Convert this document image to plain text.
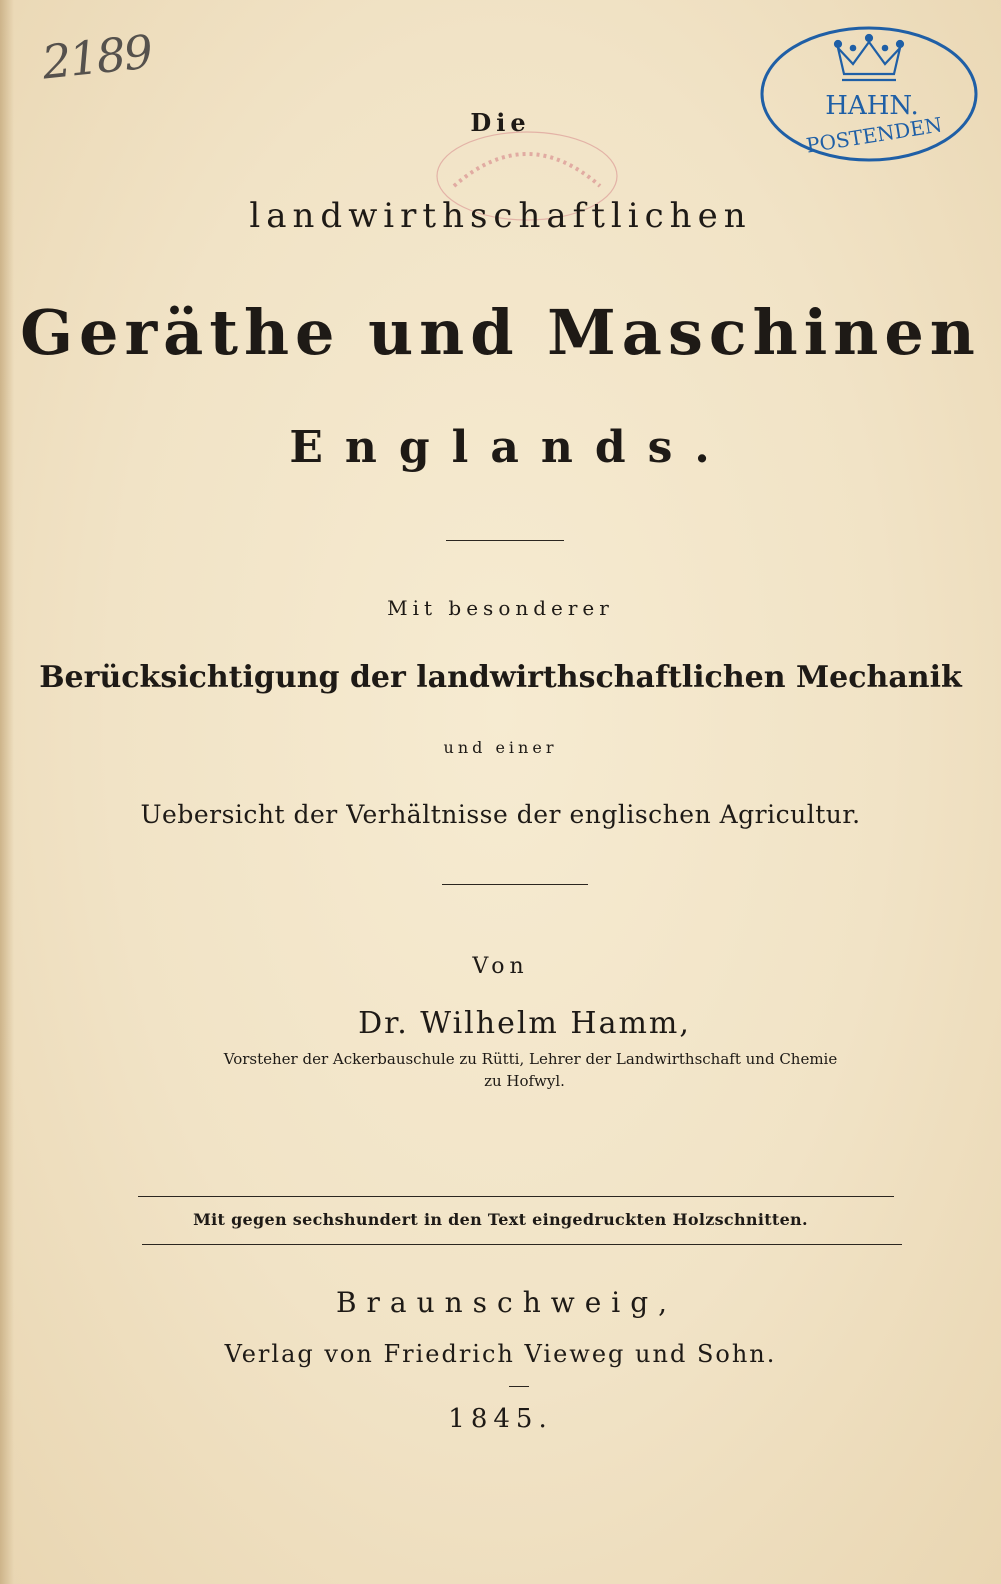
2189
HAHN.
POSTENDEN
Die
landwirthschaftlichen
Geräthe und Maschinen
Englands.
Mit besonderer
Berücksichtigung der landwirthschaftlichen Mechanik
und einer
Uebersicht der Verhältnisse der englischen Agricultur.
Von
Dr. Wilhelm Hamm,
Vorsteher der Ackerbauschule zu Rütti, Lehrer der Landwirthschaft und Chemie
zu Hofwyl.
Mit gegen sechshundert in den Text eingedruckten Holzschnitten.
Braunschweig,
Verlag von Friedrich Vieweg und Sohn.
1845.
